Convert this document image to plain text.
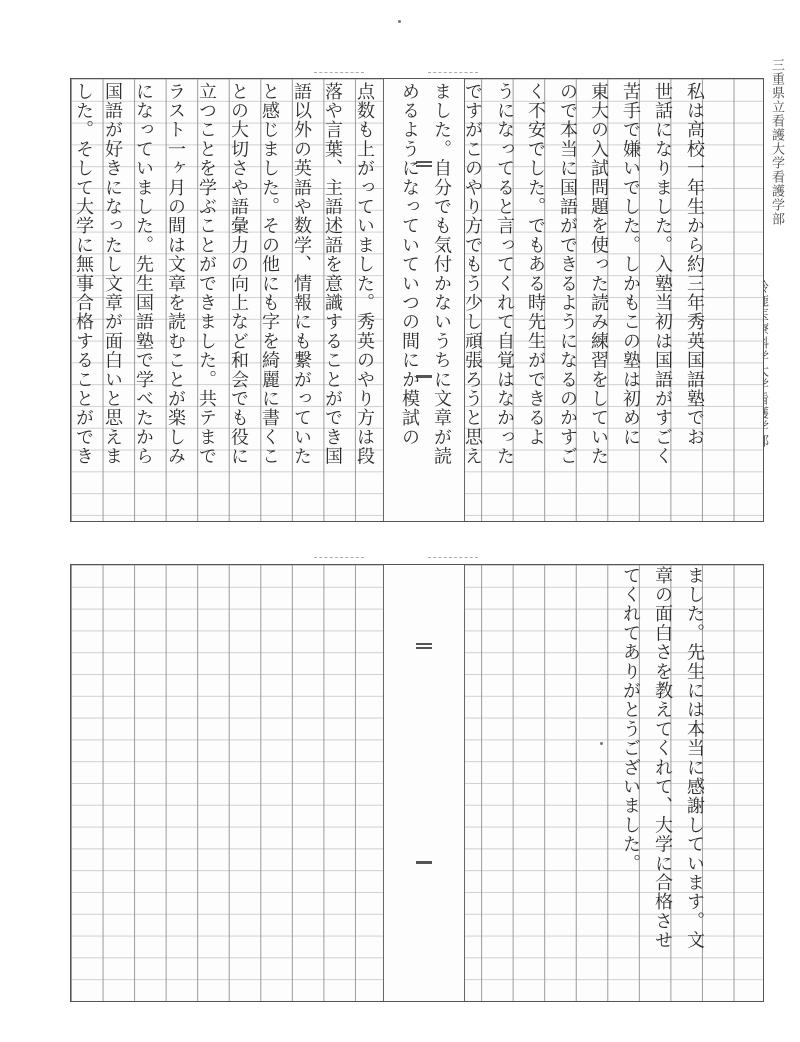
三重県立看護大学看護学部
私は高校一年生から約三年秀英国語塾でお
世話になりました。入塾当初は国語がすごく
苦手で嫌いでした。しかもこの塾は初めに
東大の入試問題を使った読み練習をしていた
ので本当に国語ができるようになるのかすご
く不安でした。でもある時先生ができるよ
うになってると言ってくれて自覚はなかった
ですがこのやり方でもう少し頑張ろうと思え
ました。自分でも気付かないうちに文章が読
めるようになっていていつの間にか模試の
点数も上がっていました。秀英のやり方は段
落や言葉、主語述語を意識することができ国
語以外の英語や数学、情報にも繋がっていた
と感じました。その他にも字を綺麗に書くこ
との大切さや語彙力の向上など和会でも役に
立つことを学ぶことができました。共テまで
ラスト一ヶ月の間は文章を読むことが楽しみ
になっていました。先生国語塾で学べたから
国語が好きになったし文章が面白いと思えま
した。そして大学に無事合格することができ
ました。先生には本当に感謝しています。文
章の面白さを教えてくれて、大学に合格させ
てくれてありがとうございました。
